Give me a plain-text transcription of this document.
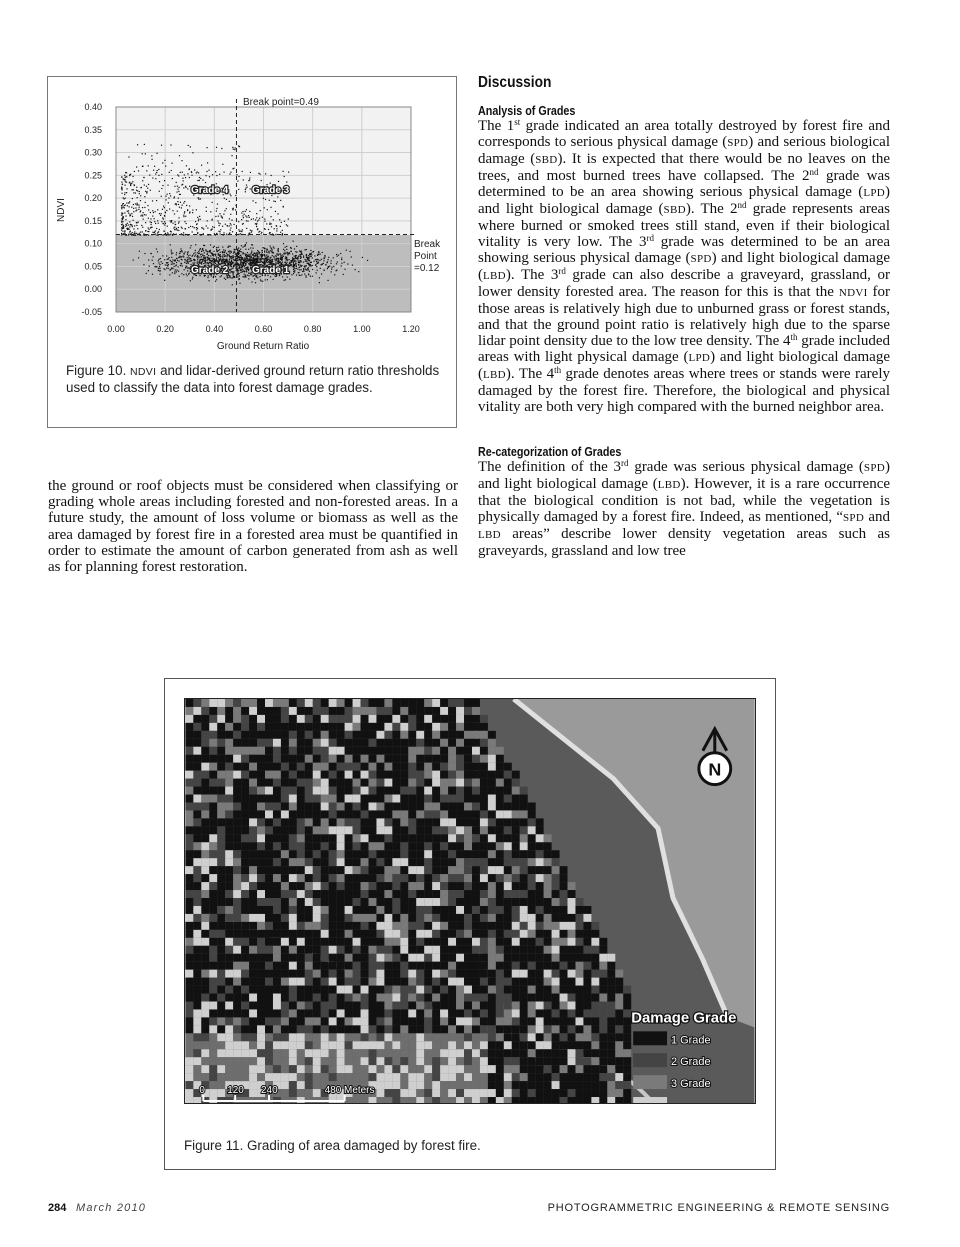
0.40
0.35
0.30
0.25
0.20
0.15
0.10
0.05
0.00
-0.05
0.00	0.20	0.40	0.60	0.80	1.00	1.20
Ground Return Ratio
NDVI
Break point=0.49
Break
Point
=0.12
Grade 4 Grade 3
Grade 2 Grade 1
Figure 10. NDVI and lidar-derived ground return ratio thresholds used to classify the data into forest damage grades.
the ground or roof objects must be considered when classifying or grading whole areas including forested and non-forested areas. In a future study, the amount of loss volume or biomass as well as the area damaged by forest fire in a forested area must be quantified in order to estimate the amount of carbon generated from ash as well as for planning forest restoration.
Discussion
Analysis of Grades

The 1st grade indicated an area totally destroyed by forest fire and corresponds to serious physical damage (SPD) and serious biological damage (SBD). It is expected that there would be no leaves on the trees, and most burned trees have collapsed. The 2nd grade was determined to be an area showing serious physical damage (LPD) and light biological damage (SBD). The 2nd grade represents areas where burned or smoked trees still stand, even if their biological vitality is very low. The 3rd grade was determined to be an area showing serious physical damage (SPD) and light biological damage (LBD). The 3rd grade can also describe a graveyard, grassland, or lower density forested area. The reason for this is that the NDVI for those areas is relatively high due to unburned grass or forest stands, and that the ground point ratio is relatively high due to the sparse lidar point density due to the low tree density. The 4th grade included areas with light physical damage (LPD) and light biological damage (LBD). The 4th grade denotes areas where trees or stands were rarely damaged by the forest fire. Therefore, the biological and physical vitality are both very high compared with the burned neighbor area.

Re-categorization of Grades

The definition of the 3rd grade was serious physical damage (SPD) and light biological damage (LBD). However, it is a rare occurrence that the biological condition is not bad, while the vegetation is physically damaged by a forest fire. Indeed, as mentioned, “SPD and LBD areas” describe lower density vegetation areas such as graveyards, grassland and low tree

N
Damage Grade
1 Grade
2 Grade
3 Grade
0 120 240	480 Meters
Figure 11. Grading of area damaged by forest fire.
284 March 2010	PHOTOGRAMMETRIC ENGINEERING & REMOTE SENSING
